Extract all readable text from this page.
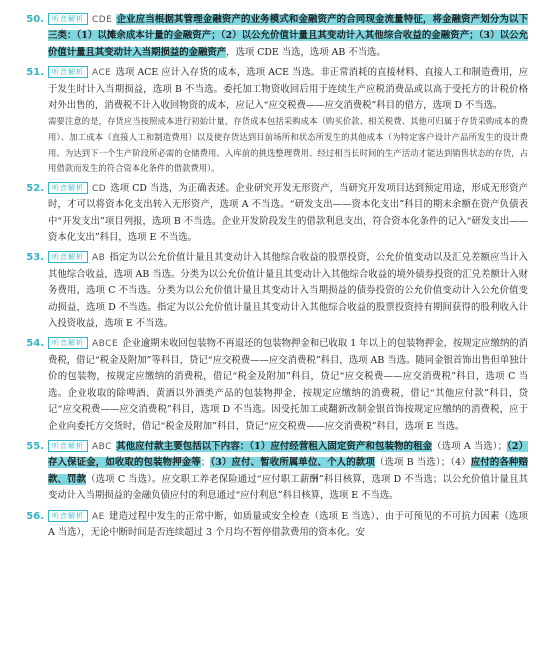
50.	听音解析 CDE 企业应当根据其管理金融资产的业务模式和金融资产的合同现金流量特征，将金融资产划分为以下三类：（1）以摊余成本计量的金融资产；（2）以公允价值计量且其变动计入其他综合收益的金融资产；（3）以公允价值计量且其变动计入当期损益的金融资产，选项 CDE 当选，选项 AB 不当选。
51.	听音解析 ACE 选项 ACE 应计入存货的成本，选项 ACE 当选。非正常消耗的直接材料、直接人工和制造费用，应于发生时计入当期损益，选项 B 不当选。委托加工物资收回后用于连续生产应税消费品或以高于受托方的计税价格对外出售的，消费税不计入收回物资的成本，应记入“应交税费——应交消费税”科目的借方，选项 D 不当选。
需要注意的是，存货应当按照成本进行初始计量，存货成本包括采购成本（购买价款、相关税费、其他可归属于存货采购成本的费用）、加工成本（直接人工和制造费用）以及使存货达到目前场所和状态所发生的其他成本（为特定客户设计产品所发生的设计费用、为达到下一个生产阶段所必需的仓储费用、入库前的挑选整理费用、经过相当长时间的生产活动才能达到销售状态的存货，占用借款而发生的符合资本化条件的借款费用）。
52.	听音解析 CD 选项 CD 当选，为正确表述。企业研究开发无形资产，当研究开发项目达到预定用途，形成无形资产时，才可以将资本化支出转入无形资产，选项 A 不当选。“研发支出——资本化支出”科目的期末余额在资产负债表中“开发支出”项目列报，选项 B 不当选。企业开发阶段发生的借款利息支出，符合资本化条件的记入“研发支出——资本化支出”科目，选项 E 不当选。
53.	听音解析 AB 指定为以公允价值计量且其变动计入其他综合收益的股票投资，公允价值变动以及汇兑差额应当计入其他综合收益，选项 AB 当选。分类为以公允价值计量且其变动计入其他综合收益的境外债券投资的汇兑差额计入财务费用，选项 C 不当选。分类为以公允价值计量且其变动计入当期损益的债券投资的公允价值变动计入公允价值变动损益，选项 D 不当选。指定为以公允价值计量且其变动计入其他综合收益的股票投资持有期间获得的股利收入计入投资收益，选项 E 不当选。
54.	听音解析 ABCE 企业逾期未收回包装物不再退还的包装物押金和已收取 1 年以上的包装物押金，按规定应缴纳的消费税，借记“税金及附加”等科目，贷记“应交税费——应交消费税”科目，选项 AB 当选。随同金银首饰出售但单独计价的包装物，按规定应缴纳的消费税，借记“税金及附加”科目，贷记“应交税费——应交消费税”科目，选项 C 当选。企业收取的除啤酒、黄酒以外酒类产品的包装物押金，按规定应缴纳的消费税，借记“其他应付款”科目，贷记“应交税费——应交消费税”科目，选项 D 不当选。因受托加工或翻新改制金银首饰按规定应缴纳的消费税，应于企业向委托方交货时，借记“税金及附加”科目，贷记“应交税费——应交消费税”科目，选项 E 当选。
55.	听音解析 ABC 其他应付款主要包括以下内容：（1）应付经营租入固定资产和包装物的租金（选项 A 当选）；（2）存入保证金，如收取的包装物押金等；（3）应付、暂收所属单位、个人的款项（选项 B 当选）；（4）应付的各种赔款、罚款（选项 C 当选）。应交职工养老保险通过“应付职工薪酬”科目核算，选项 D 不当选；以公允价值计量且其变动计入当期损益的金融负债应付的利息通过“应付利息”科目核算，选项 E 不当选。
56.	听音解析 AE 建造过程中发生的正常中断，如质量或安全检查（选项 E 当选）、由于可预见的不可抗力因素（选项 A 当选），无论中断时间是否连续超过 3 个月均不暂停借款费用的资本化。安
